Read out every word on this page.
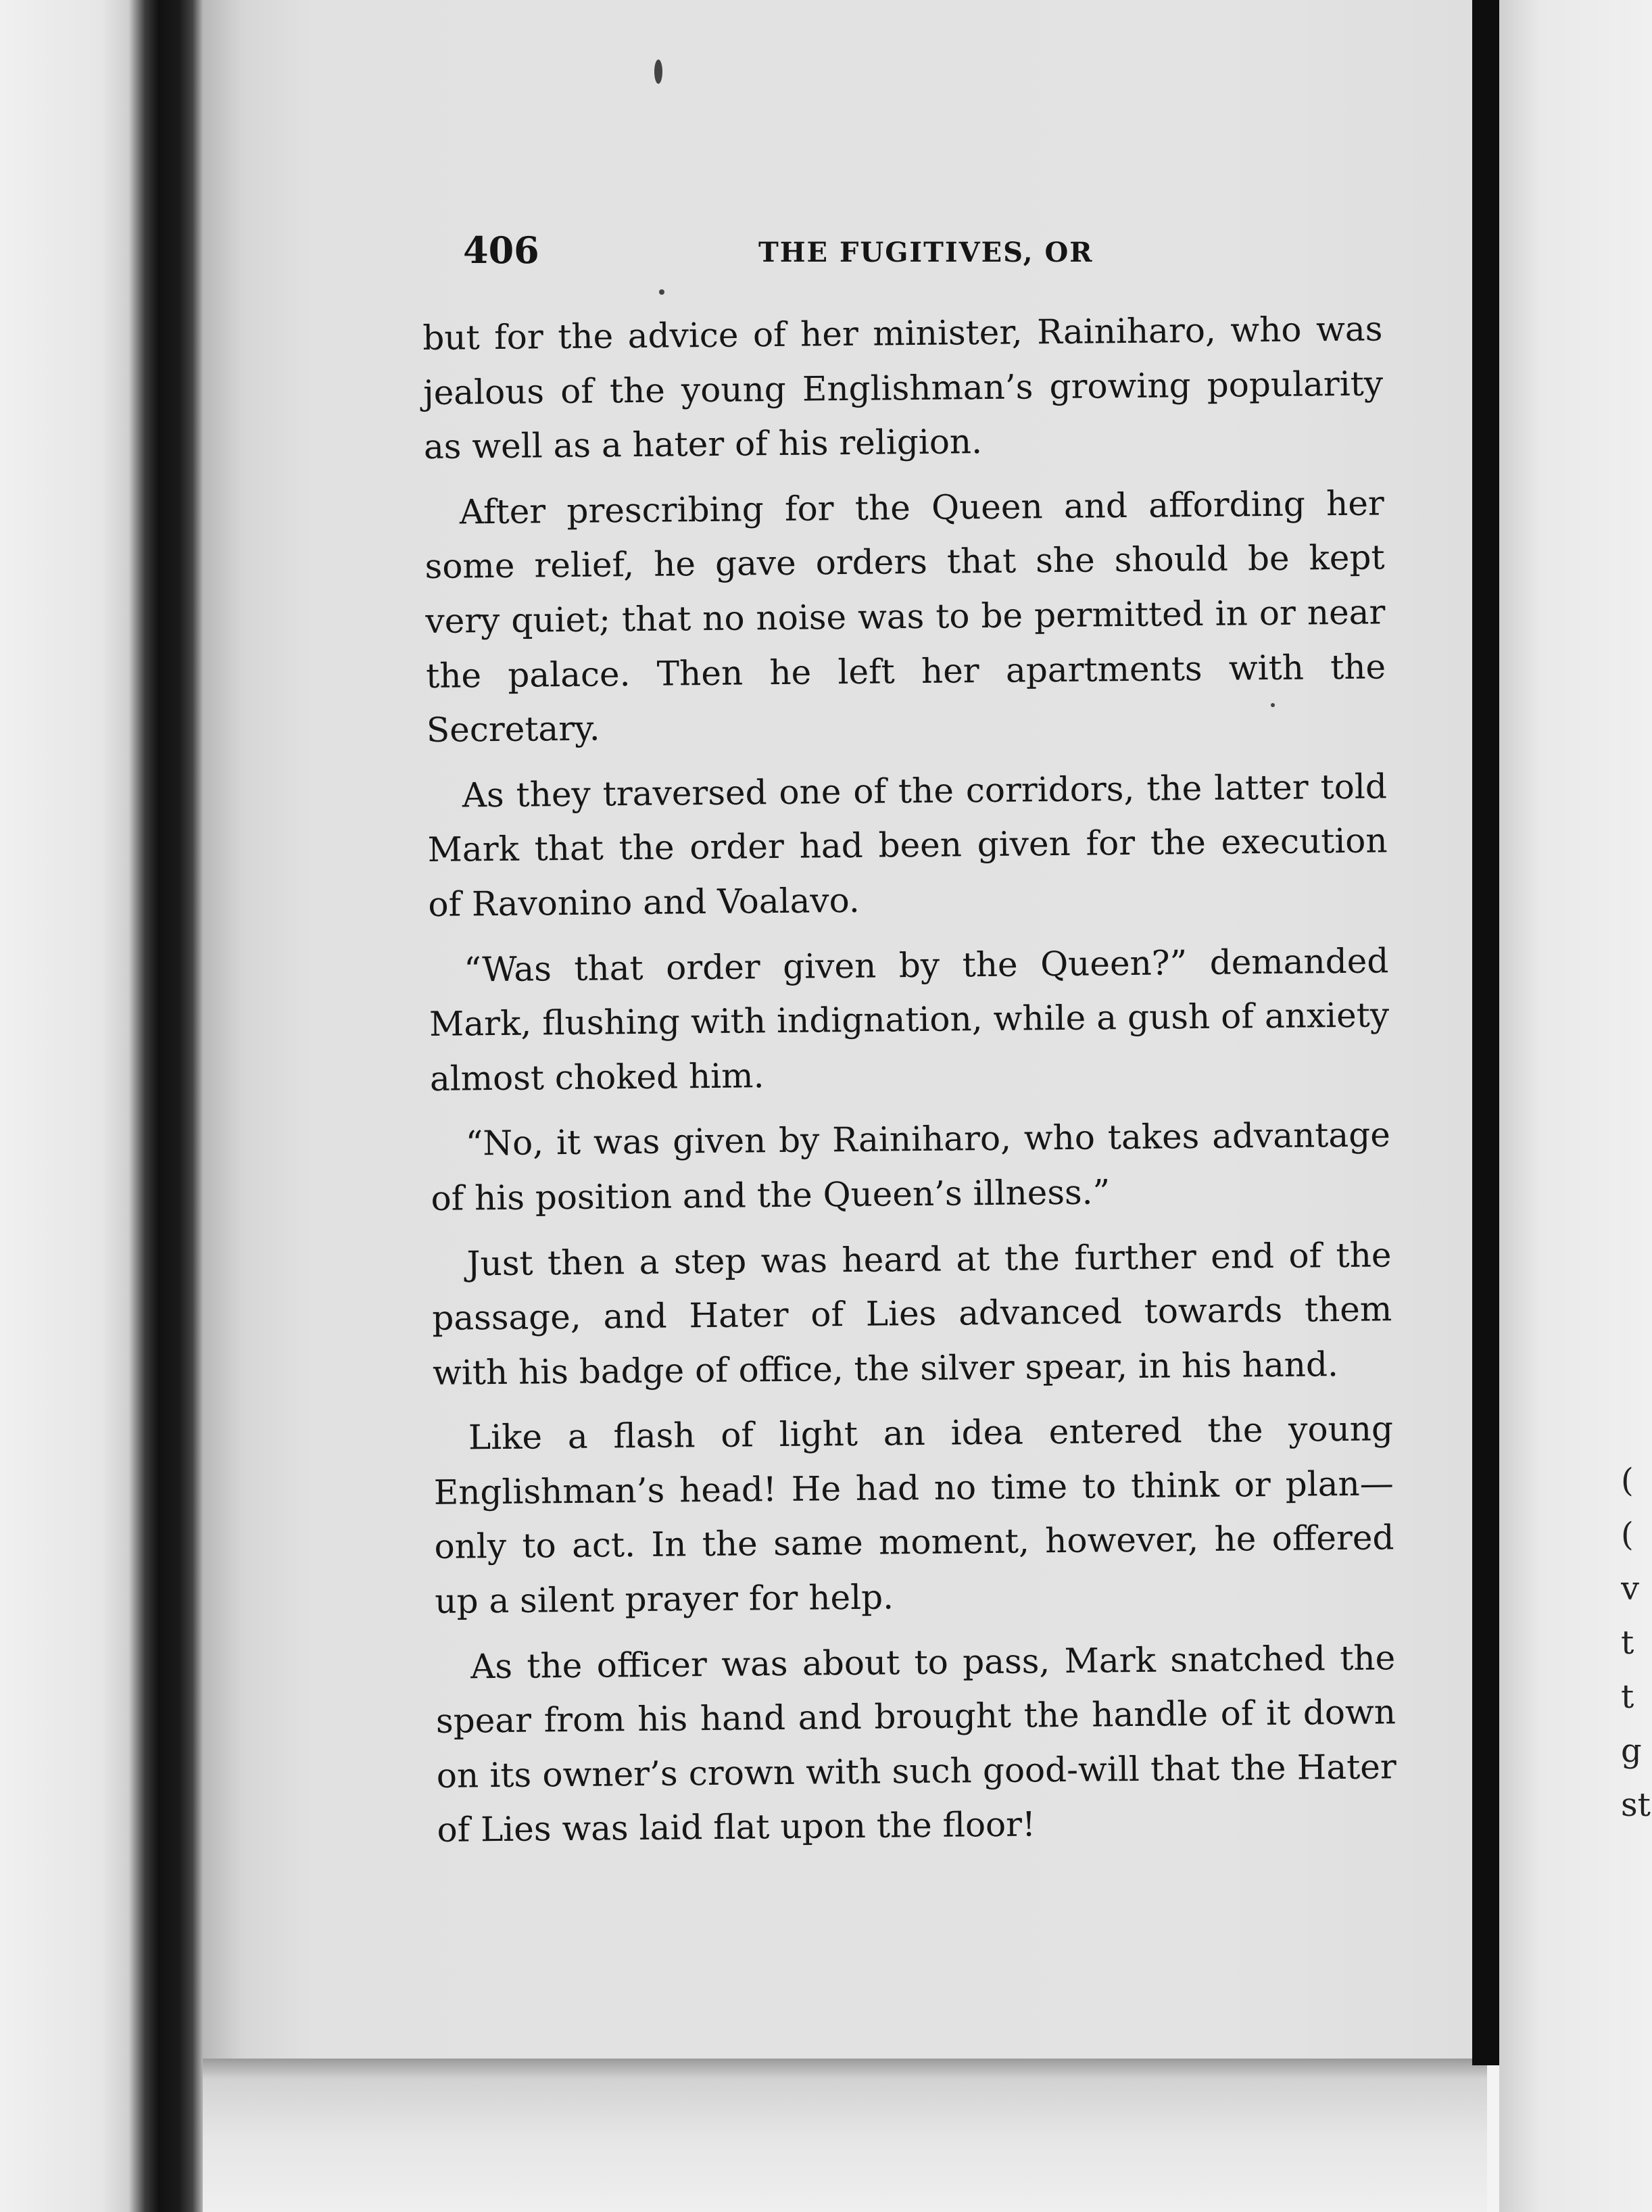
406	THE FUGITIVES, OR

but for the advice of her minister, Rainiharo, who was jealous of the young Englishman’s growing popularity as well as a hater of his religion.

After prescribing for the Queen and affording her some relief, he gave orders that she should be kept very quiet; that no noise was to be permitted in or near the palace. Then he left her apartments with the Secretary.

As they traversed one of the corridors, the latter told Mark that the order had been given for the execution of Ravonino and Voalavo.

“Was that order given by the Queen?” demanded Mark, flushing with indignation, while a gush of anxiety almost choked him.

“No, it was given by Rainiharo, who takes advantage of his position and the Queen’s illness.”

Just then a step was heard at the further end of the passage, and Hater of Lies advanced towards them with his badge of office, the silver spear, in his hand.

Like a flash of light an idea entered the young Englishman’s head! He had no time to think or plan—only to act. In the same moment, however, he offered up a silent prayer for help.

As the officer was about to pass, Mark snatched the spear from his hand and brought the handle of it down on its owner’s crown with such good-will that the Hater of Lies was laid flat upon the floor!

(
(
v
t
t
g
st
